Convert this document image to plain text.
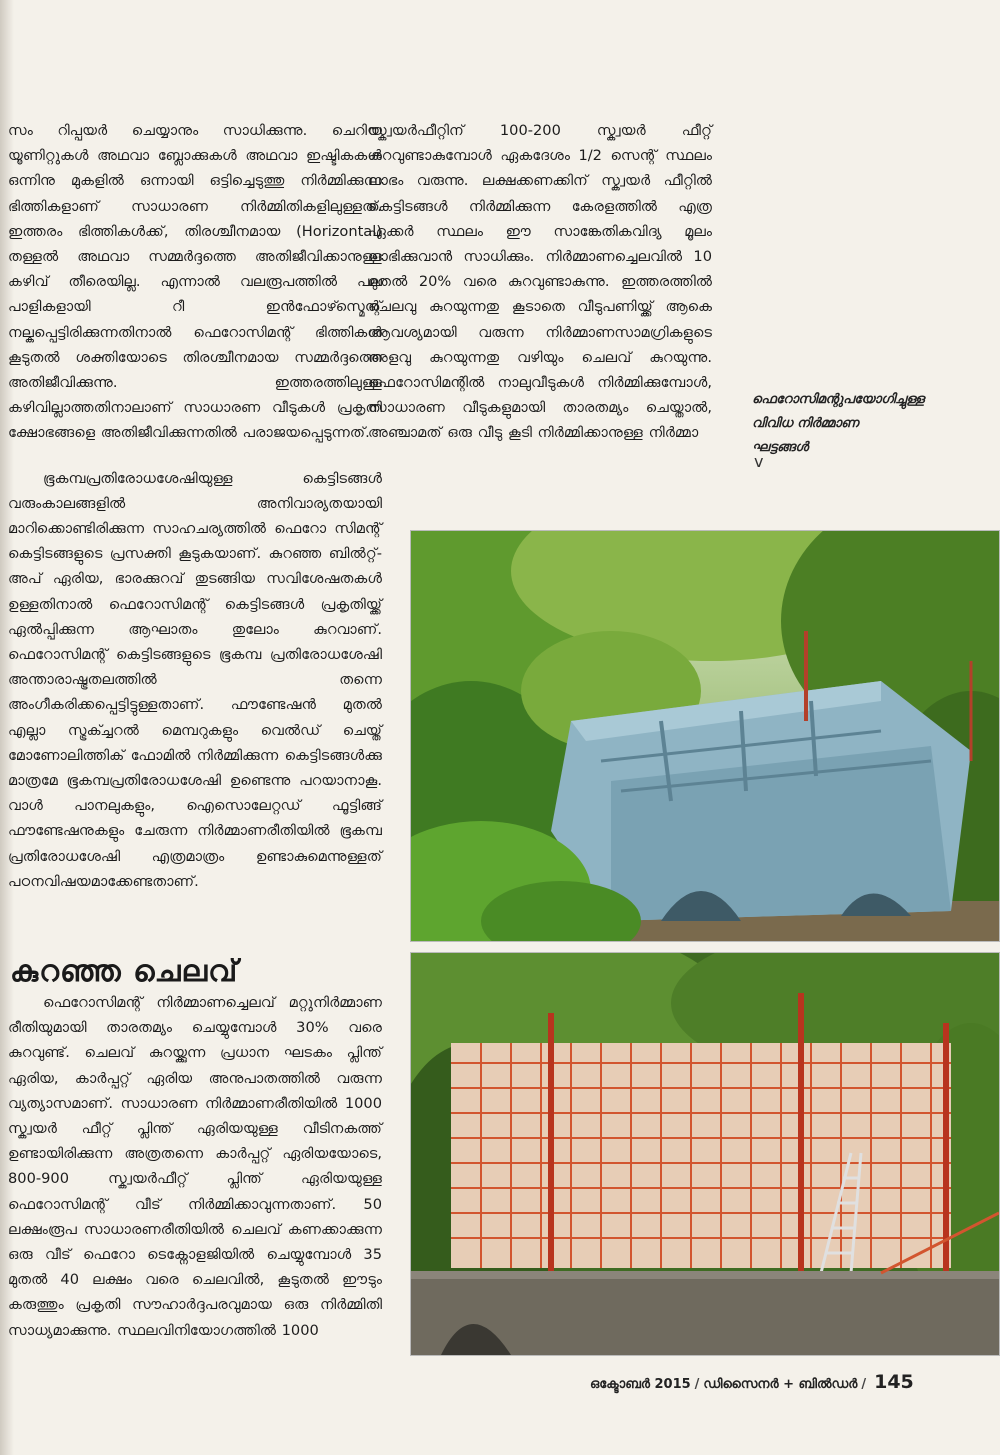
സം റിപ്പയർ ചെയ്യാനും സാധിക്കുന്നു. ചെറിയ യൂണിറ്റുകൾ അഥവാ ബ്ലോക്കുകൾ അഥവാ ഇഷ്ടികകൾ ഒന്നിനു മുകളിൽ ഒന്നായി ഒട്ടിച്ചെടുത്തു നിർമ്മിക്കുന്ന ഭിത്തികളാണ് സാധാരണ നിർമ്മിതികളിലുള്ളത്. ഇത്തരം ഭിത്തികൾക്ക്, തിരശ്ചീനമായ (Horizontal) തള്ളൽ അഥവാ സമ്മർദ്ദത്തെ അതിജീവിക്കാനുള്ള കഴിവ് തീരെയില്ല. എന്നാൽ വലരൂപത്തിൽ പല പാളികളായി റീ ഇൻഫോഴ്സ്മെന്റ് നല്കപ്പെട്ടിരിക്കുന്നതിനാൽ ഫെറോസിമന്റ് ഭിത്തികൾ കൂടുതൽ ശക്തിയോടെ തിരശ്ചീനമായ സമ്മർദ്ദത്തെ അതിജീവിക്കുന്നു. ഇത്തരത്തിലുള്ള കഴിവില്ലാത്തതിനാലാണ് സാധാരണ വീടുകൾ പ്രകൃതി ക്ഷോഭങ്ങളെ അതിജീവിക്കുന്നതിൽ പരാജയപ്പെടുന്നത്.

ഭൂകമ്പപ്രതിരോധശേഷിയുള്ള കെട്ടിടങ്ങൾ വരുംകാലങ്ങളിൽ അനിവാര്യതയായി മാറിക്കൊണ്ടിരിക്കുന്ന സാഹചര്യത്തിൽ ഫെറോ സിമന്റ് കെട്ടിടങ്ങളുടെ പ്രസക്തി കൂടുകയാണ്. കുറഞ്ഞ ബിൽറ്റ്-അപ് ഏരിയ, ഭാരക്കുറവ് തുടങ്ങിയ സവിശേഷതകൾ ഉള്ളതിനാൽ ഫെറോസിമന്റ് കെട്ടിടങ്ങൾ പ്രകൃതിയ്ക്ക് ഏൽപ്പിക്കുന്ന ആഘാതം തുലോം കുറവാണ്. ഫെറോസിമന്റ് കെട്ടിടങ്ങളുടെ ഭൂകമ്പ പ്രതിരോധശേഷി അന്താരാഷ്ട്രതലത്തിൽ തന്നെ അംഗീകരിക്കപ്പെട്ടിട്ടുള്ളതാണ്. ഫൗണ്ടേഷൻ മുതൽ എല്ലാ സ്ട്രക്ച്ചറൽ മെമ്പറുകളും വെൽഡ് ചെയ്ത് മോണോലിത്തിക് ഫോമിൽ നിർമ്മിക്കുന്ന കെട്ടിടങ്ങൾക്കു മാത്രമേ ഭൂകമ്പപ്രതിരോധശേഷി ഉണ്ടെന്നു പറയാനാകൂ. വാൾ പാനലുകളും, ഐസൊലേറ്റഡ് ഫൂട്ടിങ്ങ് ഫൗണ്ടേഷനുകളും ചേരുന്ന നിർമ്മാണരീതിയിൽ ഭൂകമ്പ പ്രതിരോധശേഷി എത്രമാത്രം ഉണ്ടാകുമെന്നുള്ളത് പഠനവിഷയമാക്കേണ്ടതാണ്.

കുറഞ്ഞ ചെലവ്

ഫെറോസിമന്റ് നിർമ്മാണച്ചെലവ് മറ്റുനിർമ്മാണ രീതിയുമായി താരതമ്യം ചെയ്യുമ്പോൾ 30% വരെ കുറവുണ്ട്. ചെലവ് കുറയ്ക്കുന്ന പ്രധാന ഘടകം പ്ലിന്ത് ഏരിയ, കാർപ്പറ്റ് ഏരിയ അനുപാതത്തിൽ വരുന്ന വ്യത്യാസമാണ്. സാധാരണ നിർമ്മാണരീതിയിൽ 1000 സ്ക്വയർ ഫീറ്റ് പ്ലിന്ത് ഏരിയയുള്ള വീടിനകത്ത് ഉണ്ടായിരിക്കുന്ന അത്രതന്നെ കാർപ്പറ്റ് ഏരിയയോടെ, 800-900 സ്ക്വയർഫീറ്റ് പ്ലിന്ത് ഏരിയയുള്ള ഫെറോസിമന്റ് വീട് നിർമ്മിക്കാവുന്നതാണ്. 50 ലക്ഷംരൂപ സാധാരണരീതിയിൽ ചെലവ് കണക്കാക്കുന്ന ഒരു വീട് ഫെറോ ടെക്നോളജിയിൽ ചെയ്യുമ്പോൾ 35 മുതൽ 40 ലക്ഷം വരെ ചെലവിൽ, കൂടുതൽ ഈടും കരുത്തും പ്രകൃതി സൗഹാർദ്ദപരവുമായ ഒരു നിർമ്മിതി സാധ്യമാക്കുന്നു. സ്ഥലവിനിയോഗത്തിൽ 1000

സ്ക്വയർഫീറ്റിന് 100-200 സ്ക്വയർ ഫീറ്റ് കുറവുണ്ടാകുമ്പോൾ ഏകദേശം 1/2 സെന്റ് സ്ഥലം ലാഭം വരുന്നു. ലക്ഷക്കണക്കിന് സ്ക്വയർ ഫീറ്റിൽ കെട്ടിടങ്ങൾ നിർമ്മിക്കുന്ന കേരളത്തിൽ എത്ര ഏക്കർ സ്ഥലം ഈ സാങ്കേതികവിദ്യ മൂലം ലാഭിക്കുവാൻ സാധിക്കും. നിർമ്മാണച്ചെലവിൽ 10 മുതൽ 20% വരെ കുറവുണ്ടാകുന്നു. ഇത്തരത്തിൽ ചെലവു കുറയുന്നതു കൂടാതെ വീടുപണിയ്ക്ക് ആകെ ആവശ്യമായി വരുന്ന നിർമ്മാണസാമഗ്രികളുടെ അളവു കുറയുന്നതു വഴിയും ചെലവ് കുറയുന്നു. ഫെറോസിമന്റിൽ നാലുവീടുകൾ നിർമ്മിക്കുമ്പോൾ, സാധാരണ വീടുകളുമായി താരതമ്യം ചെയ്താൽ, അഞ്ചാമത് ഒരു വീടു കൂടി നിർമ്മിക്കാനുള്ള നിർമ്മാ

ഫെറോസിമന്റുപയോഗിച്ചുള്ള വിവിധ നിർമ്മാണ ഘട്ടങ്ങൾ
v
ഒക്ടോബർ 2015 / ഡിസൈനർ + ബിൽഡർ / 145
